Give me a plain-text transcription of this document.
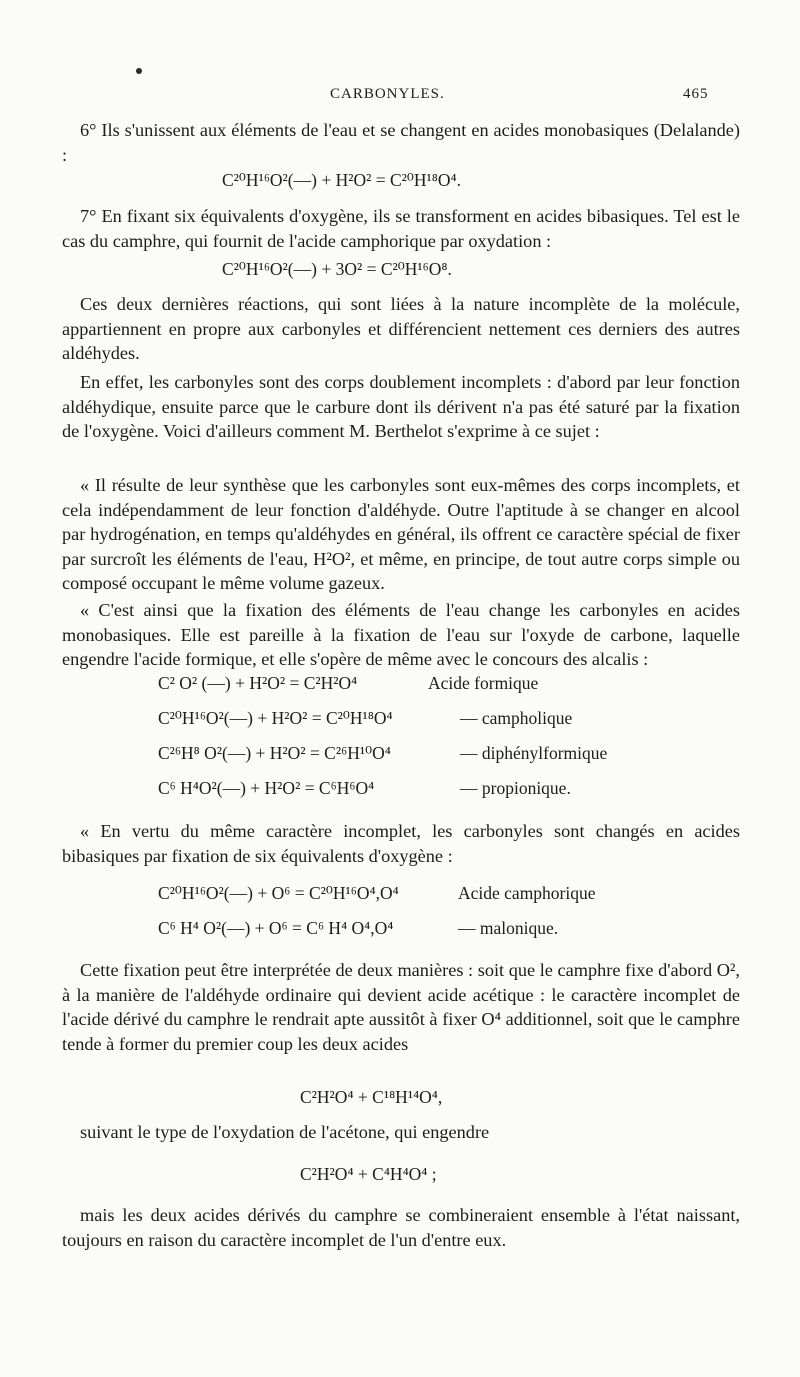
CARBONYLES.	465
6° Ils s'unissent aux éléments de l'eau et se changent en acides monobasiques (Delalande) :
C²⁰H¹⁶O²(—) + H²O² = C²⁰H¹⁸O⁴.
7° En fixant six équivalents d'oxygène, ils se transforment en acides bibasiques. Tel est le cas du camphre, qui fournit de l'acide camphorique par oxydation :
C²⁰H¹⁶O²(—) + 3O² = C²⁰H¹⁶O⁸.
Ces deux dernières réactions, qui sont liées à la nature incomplète de la molécule, appartiennent en propre aux carbonyles et différencient nettement ces derniers des autres aldéhydes.
En effet, les carbonyles sont des corps doublement incomplets : d'abord par leur fonction aldéhydique, ensuite parce que le carbure dont ils dérivent n'a pas été saturé par la fixation de l'oxygène. Voici d'ailleurs comment M. Berthelot s'exprime à ce sujet :
« Il résulte de leur synthèse que les carbonyles sont eux-mêmes des corps incomplets, et cela indépendamment de leur fonction d'aldéhyde. Outre l'aptitude à se changer en alcool par hydrogénation, en temps qu'aldéhydes en général, ils offrent ce caractère spécial de fixer par surcroît les éléments de l'eau, H²O², et même, en principe, de tout autre corps simple ou composé occupant le même volume gazeux.
« C'est ainsi que la fixation des éléments de l'eau change les carbonyles en acides monobasiques. Elle est pareille à la fixation de l'eau sur l'oxyde de carbone, laquelle engendre l'acide formique, et elle s'opère de même avec le concours des alcalis :
C² O² (—) + H²O² = C²H²O⁴	Acide formique
C²⁰H¹⁶O²(—) + H²O² = C²⁰H¹⁸O⁴	— campholique
C²⁶H⁸ O²(—) + H²O² = C²⁶H¹⁰O⁴	— diphénylformique
C⁶ H⁴O²(—) + H²O² = C⁶H⁶O⁴	— propionique.
« En vertu du même caractère incomplet, les carbonyles sont changés en acides bibasiques par fixation de six équivalents d'oxygène :
C²⁰H¹⁶O²(—) + O⁶ = C²⁰H¹⁶O⁴,O⁴	Acide camphorique
C⁶ H⁴ O²(—) + O⁶ = C⁶ H⁴ O⁴,O⁴	— malonique.
Cette fixation peut être interprétée de deux manières : soit que le camphre fixe d'abord O², à la manière de l'aldéhyde ordinaire qui devient acide acétique : le caractère incomplet de l'acide dérivé du camphre le rendrait apte aussitôt à fixer O⁴ additionnel, soit que le camphre tende à former du premier coup les deux acides
C²H²O⁴ + C¹⁸H¹⁴O⁴,
suivant le type de l'oxydation de l'acétone, qui engendre
C²H²O⁴ + C⁴H⁴O⁴ ;
mais les deux acides dérivés du camphre se combineraient ensemble à l'état naissant, toujours en raison du caractère incomplet de l'un d'entre eux.
